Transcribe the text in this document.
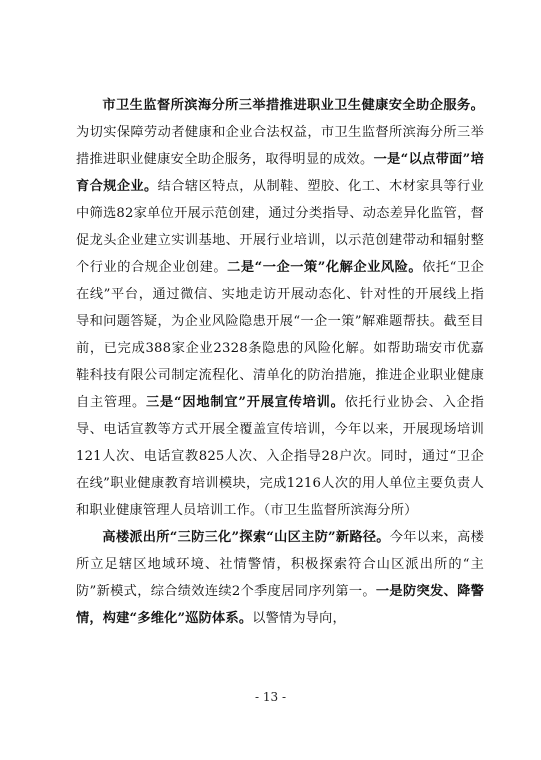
市卫生监督所滨海分所三举措推进职业卫生健康安全助企服务。为切实保障劳动者健康和企业合法权益，市卫生监督所滨海分所三举措推进职业健康安全助企服务，取得明显的成效。一是“以点带面”培育合规企业。结合辖区特点，从制鞋、塑胶、化工、木材家具等行业中筛选82家单位开展示范创建，通过分类指导、动态差异化监管，督促龙头企业建立实训基地、开展行业培训，以示范创建带动和辐射整个行业的合规企业创建。二是“一企一策”化解企业风险。依托“卫企在线”平台，通过微信、实地走访开展动态化、针对性的开展线上指导和问题答疑，为企业风险隐患开展“一企一策”解难题帮扶。截至目前，已完成388家企业2328条隐患的风险化解。如帮助瑞安市优嘉鞋科技有限公司制定流程化、清单化的防治措施，推进企业职业健康自主管理。三是“因地制宜”开展宣传培训。依托行业协会、入企指导、电话宣教等方式开展全覆盖宣传培训，今年以来，开展现场培训121人次、电话宣教825人次、入企指导28户次。同时，通过“卫企在线”职业健康教育培训模块，完成1216人次的用人单位主要负责人和职业健康管理人员培训工作。（市卫生监督所滨海分所）

高楼派出所“三防三化”探索“山区主防”新路径。今年以来，高楼所立足辖区地域环境、社情警情，积极探索符合山区派出所的“主防”新模式，综合绩效连续2个季度居同序列第一。一是防突发、降警情，构建“多维化”巡防体系。以警情为导向，

- 13 -
